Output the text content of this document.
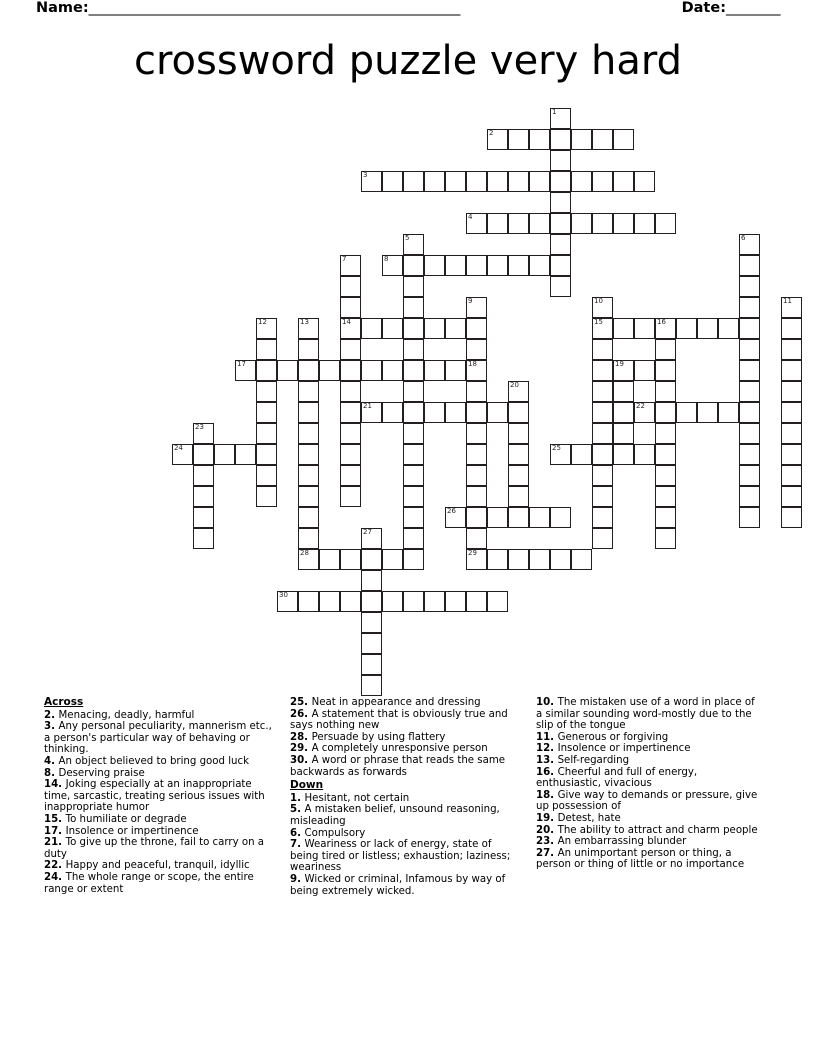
Name: _______________________________________________________	Date: ________
crossword puzzle very hard
1
2
3
4
5	6
7	8
9	10	11
12	13	14	15	16
17	18	19
20
21	22
23
24	25
26
27
28	29
30
Across
2. Menacing, deadly, harmful
3. Any personal peculiarity, mannerism etc., a person's particular way of behaving or thinking.
4. An object believed to bring good luck
8. Deserving praise
14. Joking especially at an inappropriate time, sarcastic, treating serious issues with inappropriate humor
15. To humiliate or degrade
17. Insolence or impertinence
21. To give up the throne, fail to carry on a duty
22. Happy and peaceful, tranquil, idyllic
24. The whole range or scope, the entire range or extent
25. Neat in appearance and dressing
26. A statement that is obviously true and says nothing new
28. Persuade by using flattery
29. A completely unresponsive person
30. A word or phrase that reads the same backwards as forwards
Down
1. Hesitant, not certain
5. A mistaken belief, unsound reasoning, misleading
6. Compulsory
7. Weariness or lack of energy, state of being tired or listless; exhaustion; laziness; weariness
9. Wicked or criminal, Infamous by way of being extremely wicked.
10. The mistaken use of a word in place of a similar sounding word-mostly due to the slip of the tongue
11. Generous or forgiving
12. Insolence or impertinence
13. Self-regarding
16. Cheerful and full of energy, enthusiastic, vivacious
18. Give way to demands or pressure, give up possession of
19. Detest, hate
20. The ability to attract and charm people
23. An embarrassing blunder
27. An unimportant person or thing, a person or thing of little or no importance
